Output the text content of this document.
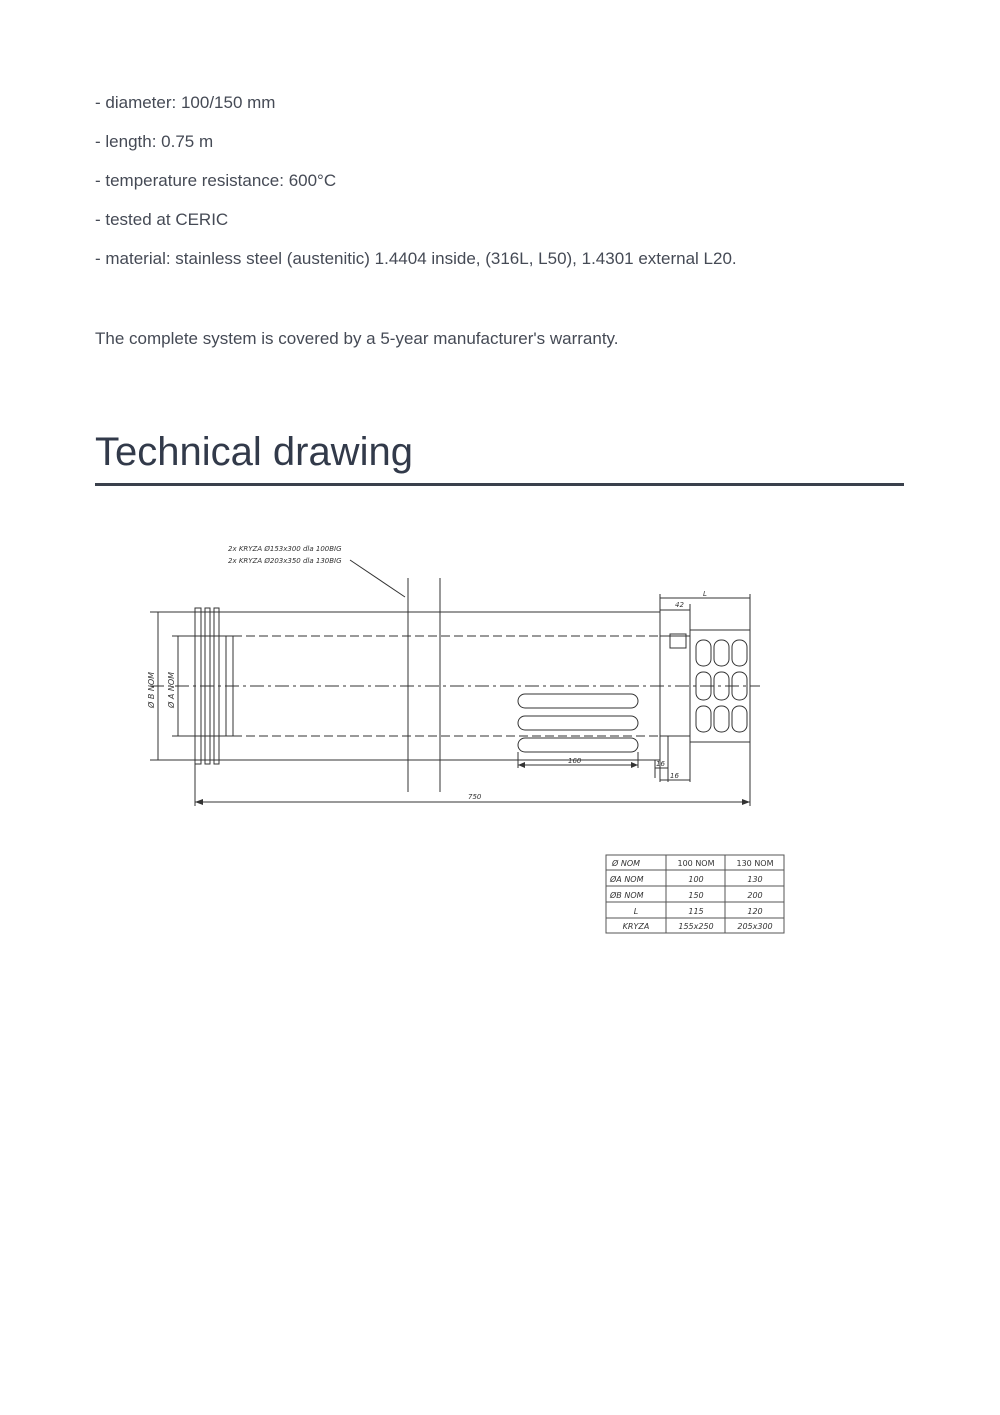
- diameter: 100/150 mm
- length: 0.75 m
- temperature resistance: 600°C
- tested at CERIC
- material: stainless steel (austenitic) 1.4404 inside, (316L, L50), 1.4301 external L20.

The complete system is covered by a 5-year manufacturer's warranty.

Technical drawing
2x KRYZA Ø153x300 dla 100BIG
2x KRYZA Ø203x350 dla 130BIG
Ø B NOM Ø A NOM
42
L
160	16
16
750
Ø NOM	100 NOM	130 NOM
ØA NOM	100	130
ØB NOM	150	200
L	115	120
KRYZA	155x250	205x300
